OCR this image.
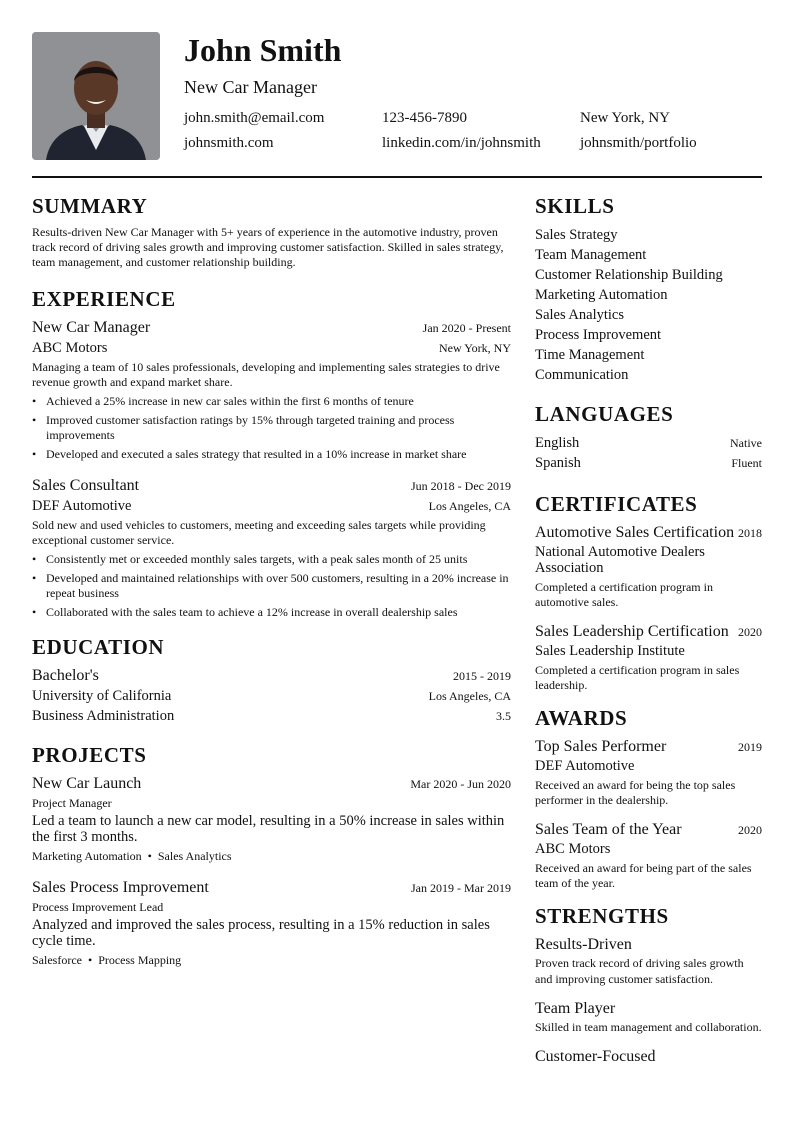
John Smith
New Car Manager
john.smith@email.com	123-456-7890	New York, NY
johnsmith.com	linkedin.com/in/johnsmith	johnsmith/portfolio
SUMMARY

Results-driven New Car Manager with 5+ years of experience in the automotive industry, proven track record of driving sales growth and improving customer satisfaction. Skilled in sales strategy, team management, and customer relationship building.

EXPERIENCE
New Car Manager	Jan 2020 - Present
ABC Motors	New York, NY

Managing a team of 10 sales professionals, developing and implementing sales strategies to drive revenue growth and expand market share.

• Achieved a 25% increase in new car sales within the first 6 months of tenure
• Improved customer satisfaction ratings by 15% through targeted training and process improvements
• Developed and executed a sales strategy that resulted in a 10% increase in market share
Sales Consultant	Jun 2018 - Dec 2019
DEF Automotive	Los Angeles, CA

Sold new and used vehicles to customers, meeting and exceeding sales targets while providing exceptional customer service.

• Consistently met or exceeded monthly sales targets, with a peak sales month of 25 units
• Developed and maintained relationships with over 500 customers, resulting in a 20% increase in repeat business
• Collaborated with the sales team to achieve a 12% increase in overall dealership sales
EDUCATION
Bachelor's	2015 - 2019
University of California	Los Angeles, CA
Business Administration	3.5
PROJECTS
New Car Launch	Mar 2020 - Jun 2020
Project Manager

Led a team to launch a new car model, resulting in a 50% increase in sales within the first 3 months.

Marketing Automation • Sales Analytics
Sales Process Improvement	Jan 2019 - Mar 2019
Process Improvement Lead

Analyzed and improved the sales process, resulting in a 15% reduction in sales cycle time.

Salesforce • Process Mapping
SKILLS
Sales Strategy
Team Management
Customer Relationship Building
Marketing Automation
Sales Analytics
Process Improvement
Time Management
Communication
LANGUAGES
English	Native
Spanish	Fluent
CERTIFICATES
Automotive Sales Certification 2018
National Automotive Dealers Association
Completed a certification program in automotive sales.
Sales Leadership Certification 2020
Sales Leadership Institute
Completed a certification program in sales leadership.
AWARDS
Top Sales Performer	2019
DEF Automotive
Received an award for being the top sales performer in the dealership.
Sales Team of the Year	2020
ABC Motors
Received an award for being part of the sales team of the year.
STRENGTHS
Results-Driven
Proven track record of driving sales growth and improving customer satisfaction.
Team Player
Skilled in team management and collaboration.
Customer-Focused
